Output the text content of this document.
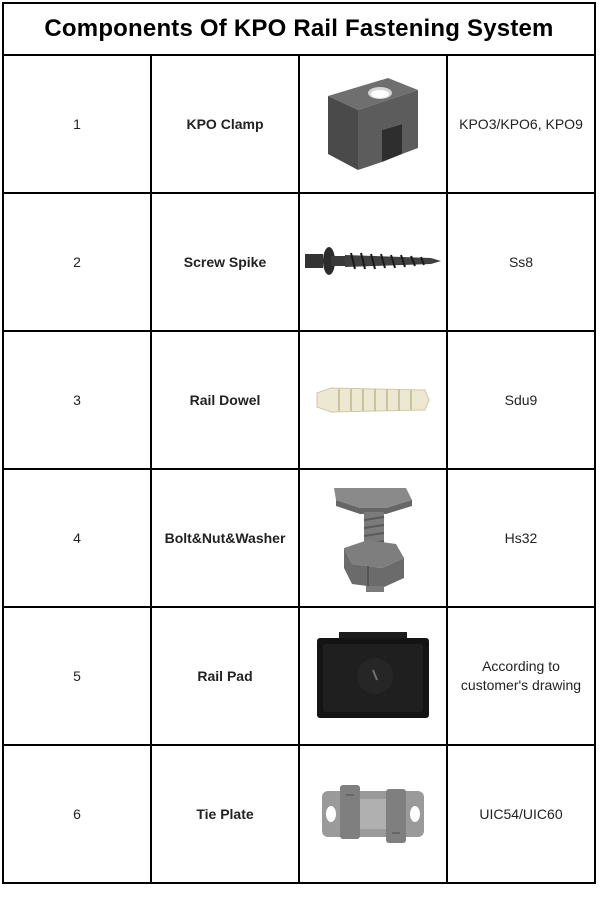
Components Of KPO Rail Fastening System			
1	KPO Clamp		KPO3/KPO6, KPO9
2	Screw Spike		Ss8
3	Rail Dowel		Sdu9
4	Bolt&Nut&Washer		Hs32
5	Rail Pad		According to customer's drawing
6	Tie Plate		UIC54/UIC60
